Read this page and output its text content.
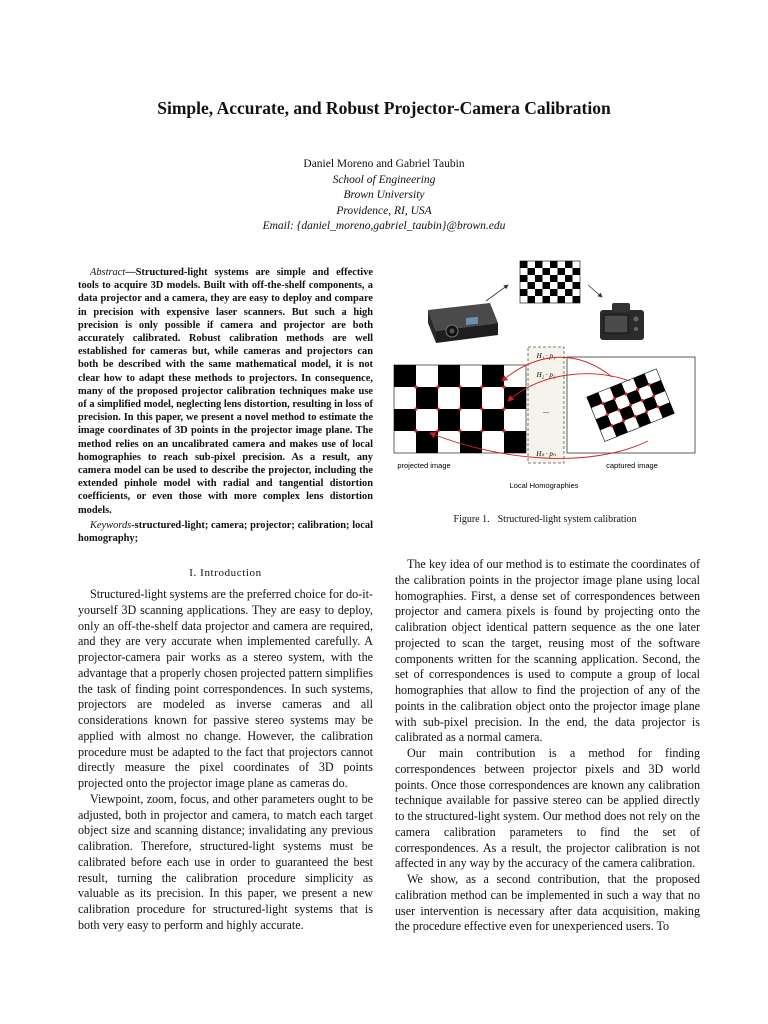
Simple, Accurate, and Robust Projector-Camera Calibration
Daniel Moreno and Gabriel Taubin
School of Engineering
Brown University
Providence, RI, USA
Email: {daniel_moreno,gabriel_taubin}@brown.edu
Abstract—Structured-light systems are simple and effective tools to acquire 3D models. Built with off-the-shelf components, a data projector and a camera, they are easy to deploy and compare in precision with expensive laser scanners. But such a high precision is only possible if camera and projector are both accurately calibrated. Robust calibration methods are well established for cameras but, while cameras and projectors can both be described with the same mathematical model, it is not clear how to adapt these methods to projectors. In consequence, many of the proposed projector calibration techniques make use of a simplified model, neglecting lens distortion, resulting in loss of precision. In this paper, we present a novel method to estimate the image coordinates of 3D points in the projector image plane. The method relies on an uncalibrated camera and makes use of local homographies to reach sub-pixel precision. As a result, any camera model can be used to describe the projector, including the extended pinhole model with radial and tangential distortion coefficients, or even those with more complex lens distortion models.
Keywords-structured-light; camera; projector; calibration; local homography;
I. Introduction

Structured-light systems are the preferred choice for do-it-yourself 3D scanning applications. They are easy to deploy, only an off-the-shelf data projector and camera are required, and they are very accurate when implemented carefully. A projector-camera pair works as a stereo system, with the advantage that a properly chosen projected pattern simplifies the task of finding point correspondences. In such systems, projectors are modeled as inverse cameras and all considerations known for passive stereo systems may be applied with almost no change. However, the calibration procedure must be adapted to the fact that projectors cannot directly measure the pixel coordinates of 3D points projected onto the projector image plane as cameras do.

Viewpoint, zoom, focus, and other parameters ought to be adjusted, both in projector and camera, to match each target object size and scanning distance; invalidating any previous calibration. Therefore, structured-light systems must be calibrated before each use in order to guaranteed the best result, turning the calibration procedure simplicity as valuable as its precision. In this paper, we present a new calibration procedure for structured-light systems that is both very easy to perform and highly accurate.

The key idea of our method is to estimate the coordinates of the calibration points in the projector image plane using local homographies. First, a dense set of correspondences between projector and camera pixels is found by projecting onto the calibration object identical pattern sequence as the one later projected to scan the target, reusing most of the software components written for the scanning application. Second, the set of correspondences is used to compute a group of local homographies that allow to find the projection of any of the points in the calibration object onto the projector image plane with sub-pixel precision. In the end, the data projector is calibrated as a normal camera.

Our main contribution is a method for finding correspondences between projector pixels and 3D world points. Once those correspondences are known any calibration technique available for passive stereo can be applied directly to the structured-light system. Our method does not rely on the camera calibration parameters to find the set of correspondences. As a result, the projector calibration is not affected in any way by the accuracy of the camera calibration.

We show, as a second contribution, that the proposed calibration method can be implemented in such a way that no user intervention is necessary after data acquisition, making the procedure effective even for unexperienced users. To

H₁ · p₁
H₂ · p₂
...
Hₙ · pₙ
projected image	captured image
Local Homographies
Figure 1. Structured-light system calibration
